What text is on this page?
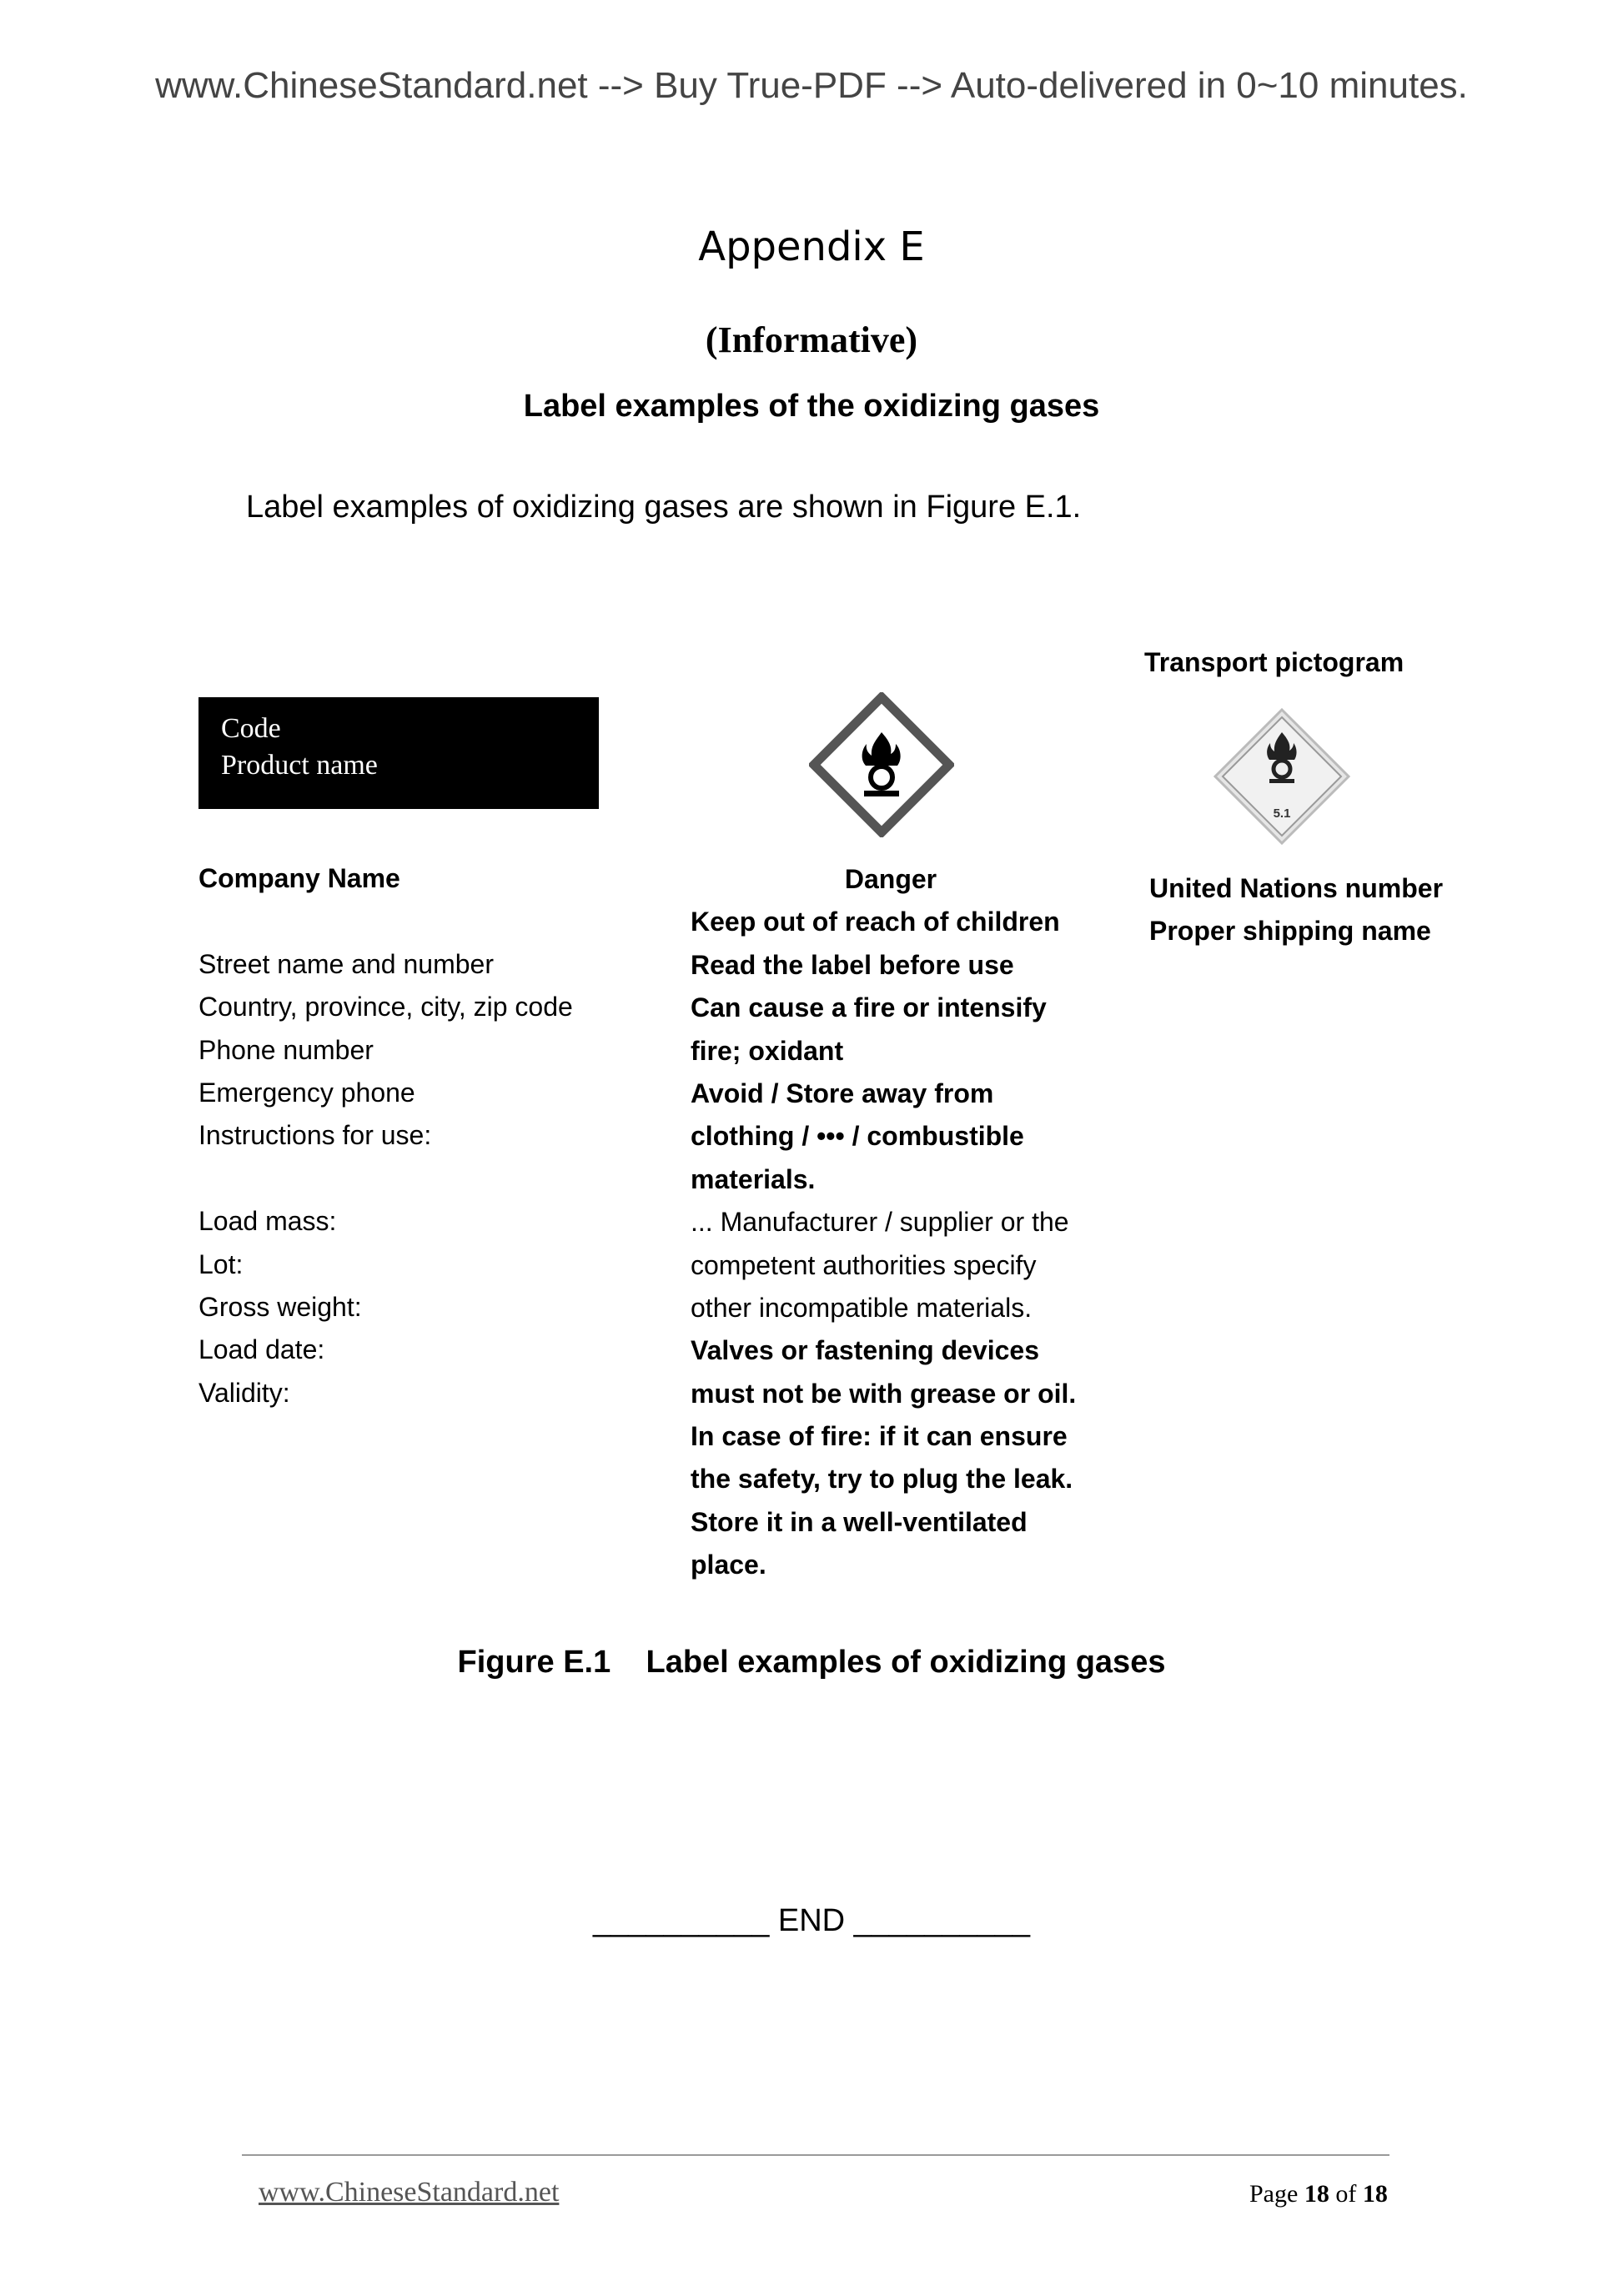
www.ChineseStandard.net --> Buy True-PDF --> Auto-delivered in 0~10 minutes.
Appendix E
(Informative)
Label examples of the oxidizing gases
Label examples of oxidizing gases are shown in Figure E.1.
Code
Product name
Transport pictogram
5.1
Company Name
Street name and number
Country, province, city, zip code
Phone number
Emergency phone
Instructions for use:
Load mass:
Lot:
Gross weight:
Load date:
Validity:
Danger
Keep out of reach of children
Read the label before use
Can cause a fire or intensify
fire; oxidant
Avoid / Store away from
clothing / ••• / combustible
materials.
... Manufacturer / supplier or the
competent authorities specify
other incompatible materials.
Valves or fastening devices
must not be with grease or oil.
In case of fire: if it can ensure
the safety, try to plug the leak.
Store it in a well-ventilated
place.
United Nations number
Proper shipping name
Figure E.1 Label examples of oxidizing gases
__________ END __________
www.ChineseStandard.net	Page 18 of 18
